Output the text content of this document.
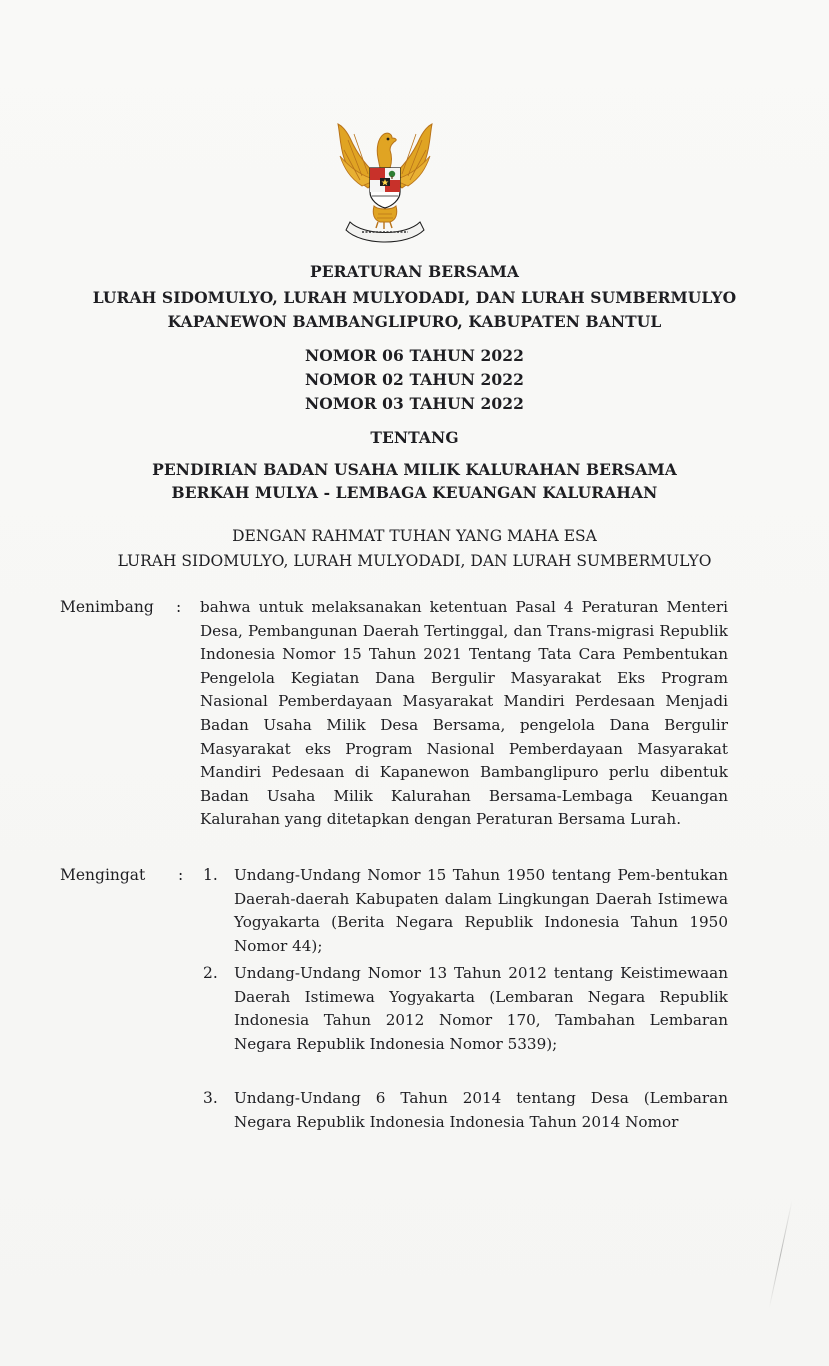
PERATURAN BERSAMA
LURAH SIDOMULYO, LURAH MULYODADI, DAN LURAH SUMBERMULYO
KAPANEWON BAMBANGLIPURO, KABUPATEN BANTUL
NOMOR 06 TAHUN 2022
NOMOR 02 TAHUN 2022
NOMOR 03 TAHUN 2022
TENTANG
PENDIRIAN BADAN USAHA MILIK KALURAHAN BERSAMA
BERKAH MULYA - LEMBAGA KEUANGAN KALURAHAN
DENGAN RAHMAT TUHAN YANG MAHA ESA
LURAH SIDOMULYO, LURAH MULYODADI, DAN LURAH SUMBERMULYO
Menimbang : bahwa untuk melaksanakan ketentuan Pasal 4 Peraturan Menteri Desa, Pembangunan Daerah Tertinggal, dan Trans-migrasi Republik Indonesia Nomor 15 Tahun 2021 Tentang Tata Cara Pembentukan Pengelola Kegiatan Dana Bergulir Masyarakat Eks Program Nasional Pemberdayaan Masyarakat Mandiri Perdesaan Menjadi Badan Usaha Milik Desa Bersama, pengelola Dana Bergulir Masyarakat eks Program Nasional Pemberdayaan Masyarakat Mandiri Pedesaan di Kapanewon Bambanglipuro perlu dibentuk Badan Usaha Milik Kalurahan Bersama-Lembaga Keuangan Kalurahan yang ditetapkan dengan Peraturan Bersama Lurah.
Mengingat : 1. Undang-Undang Nomor 15 Tahun 1950 tentang Pem-bentukan Daerah-daerah Kabupaten dalam Lingkungan Daerah Istimewa Yogyakarta (Berita Negara Republik Indonesia Tahun 1950 Nomor 44);
2. Undang-Undang Nomor 13 Tahun 2012 tentang Keistimewaan Daerah Istimewa Yogyakarta (Lembaran Negara Republik Indonesia Tahun 2012 Nomor 170, Tambahan Lembaran Negara Republik Indonesia Nomor 5339);
3. Undang-Undang 6 Tahun 2014 tentang Desa (Lembaran Negara Republik Indonesia Indonesia Tahun 2014 Nomor
